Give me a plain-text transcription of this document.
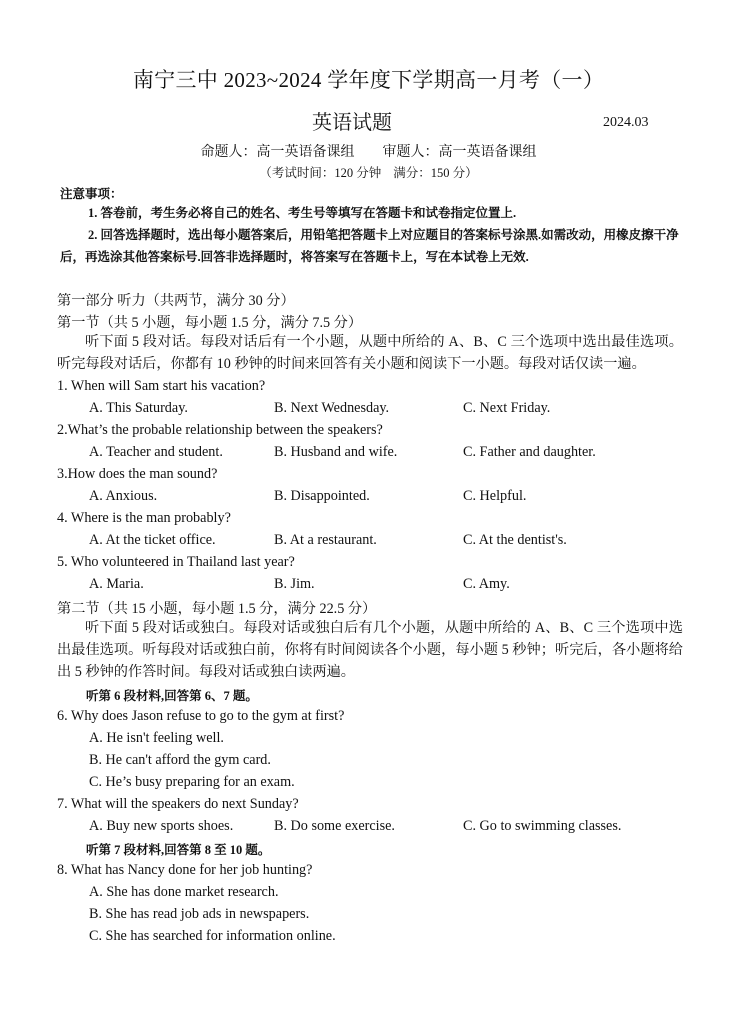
南宁三中 2023~2024 学年度下学期高一月考（一）
英语试题	2024.03
命题人：高一英语备课组 审题人：高一英语备课组
（考试时间：120 分钟 满分：150 分）
注意事项：
1. 答卷前，考生务必将自己的姓名、考生号等填写在答题卡和试卷指定位置上.
2. 回答选择题时，选出每小题答案后，用铅笔把答题卡上对应题目的答案标号涂黑.如需改动，用橡皮擦干净后，再选涂其他答案标号.回答非选择题时，将答案写在答题卡上，写在本试卷上无效.
第一部分 听力（共两节，满分 30 分）
第一节（共 5 小题，每小题 1.5 分，满分 7.5 分）
听下面 5 段对话。每段对话后有一个小题，从题中所给的 A、B、C 三个选项中选出最佳选项。听完每段对话后，你都有 10 秒钟的时间来回答有关小题和阅读下一小题。每段对话仅读一遍。
1. When will Sam start his vacation?
A. This Saturday.	B. Next Wednesday.	C. Next Friday.
2.What’s the probable relationship between the speakers?
A. Teacher and student.	B. Husband and wife.	C. Father and daughter.
3.How does the man sound?
A. Anxious.	B. Disappointed.	C. Helpful.
4. Where is the man probably?
A. At the ticket office.	B. At a restaurant.	C. At the dentist's.
5. Who volunteered in Thailand last year?
A. Maria.	B. Jim.	C. Amy.
第二节（共 15 小题，每小题 1.5 分，满分 22.5 分）
听下面 5 段对话或独白。每段对话或独白后有几个小题，从题中所给的 A、B、C 三个选项中选出最佳选项。听每段对话或独白前，你将有时间阅读各个小题，每小题 5 秒钟；听完后，各小题将给出 5 秒钟的作答时间。每段对话或独白读两遍。
听第 6 段材料,回答第 6、7 题。
6. Why does Jason refuse to go to the gym at first?
A. He isn't feeling well.
B. He can't afford the gym card.
C. He’s busy preparing for an exam.
7. What will the speakers do next Sunday?
A. Buy new sports shoes.	B. Do some exercise.	C. Go to swimming classes.
听第 7 段材料,回答第 8 至 10 题。
8. What has Nancy done for her job hunting?
A. She has done market research.
B. She has read job ads in newspapers.
C. She has searched for information online.
